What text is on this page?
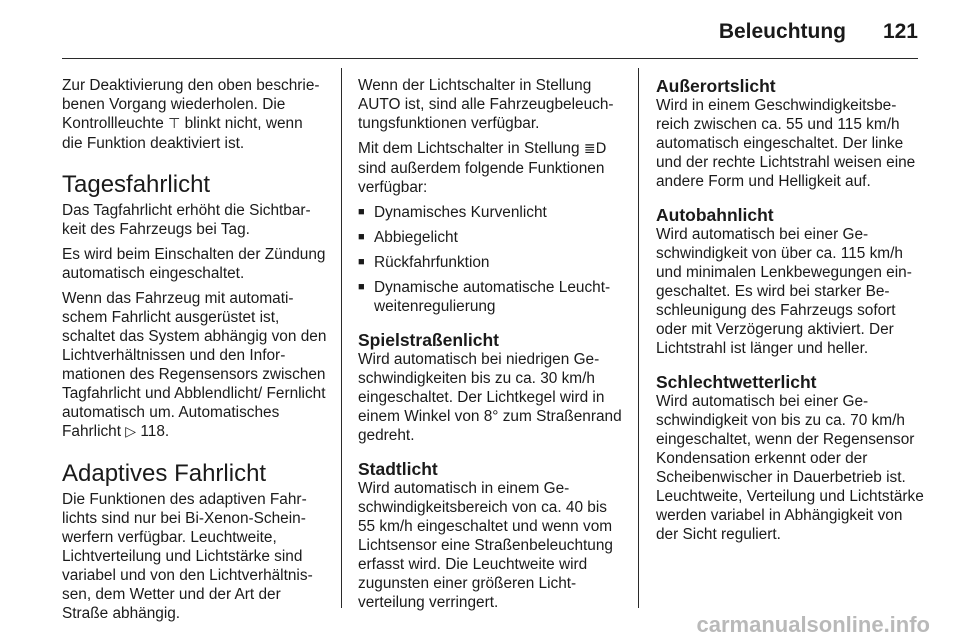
Beleuchtung 121

Zur Deaktivierung den oben beschriebenen Vorgang wiederholen. Die Kontrollleuchte ⊤ blinkt nicht, wenn die Funktion deaktiviert ist.

Tagesfahrlicht

Das Tagfahrlicht erhöht die Sichtbarkeit des Fahrzeugs bei Tag.

Es wird beim Einschalten der Zündung automatisch eingeschaltet.

Wenn das Fahrzeug mit automatischem Fahrlicht ausgerüstet ist, schaltet das System abhängig von den Lichtverhältnissen und den Informationen des Regensensors zwischen Tagfahrlicht und Abblendlicht/ Fernlicht automatisch um. Automatisches Fahrlicht ▷ 118.

Adaptives Fahrlicht

Die Funktionen des adaptiven Fahrlichts sind nur bei Bi-Xenon-Scheinwerfern verfügbar. Leuchtweite, Lichtverteilung und Lichtstärke sind variabel und von den Lichtverhältnissen, dem Wetter und der Art der Straße abhängig.

Wenn der Lichtschalter in Stellung AUTO ist, sind alle Fahrzeugbeleuchtungsfunktionen verfügbar.

Mit dem Lichtschalter in Stellung ≣D sind außerdem folgende Funktionen verfügbar:

■ Dynamisches Kurvenlicht
■ Abbiegelicht
■ Rückfahrfunktion
■ Dynamische automatische Leuchtweitenregulierung
Spielstraßenlicht

Wird automatisch bei niedrigen Geschwindigkeiten bis zu ca. 30 km/h eingeschaltet. Der Lichtkegel wird in einem Winkel von 8° zum Straßenrand gedreht.

Stadtlicht

Wird automatisch in einem Geschwindigkeitsbereich von ca. 40 bis 55 km/h eingeschaltet und wenn vom Lichtsensor eine Straßenbeleuchtung erfasst wird. Die Leuchtweite wird zugunsten einer größeren Lichtverteilung verringert.

Außerortslicht

Wird in einem Geschwindigkeitsbereich zwischen ca. 55 und 115 km/h automatisch eingeschaltet. Der linke und der rechte Lichtstrahl weisen eine andere Form und Helligkeit auf.

Autobahnlicht

Wird automatisch bei einer Geschwindigkeit von über ca. 115 km/h und minimalen Lenkbewegungen eingeschaltet. Es wird bei starker Beschleunigung des Fahrzeugs sofort oder mit Verzögerung aktiviert. Der Lichtstrahl ist länger und heller.

Schlechtwetterlicht

Wird automatisch bei einer Geschwindigkeit von bis zu ca. 70 km/h eingeschaltet, wenn der Regensensor Kondensation erkennt oder der Scheibenwischer in Dauerbetrieb ist. Leuchtweite, Verteilung und Lichtstärke werden variabel in Abhängigkeit von der Sicht reguliert.

carmanualsonline.info
